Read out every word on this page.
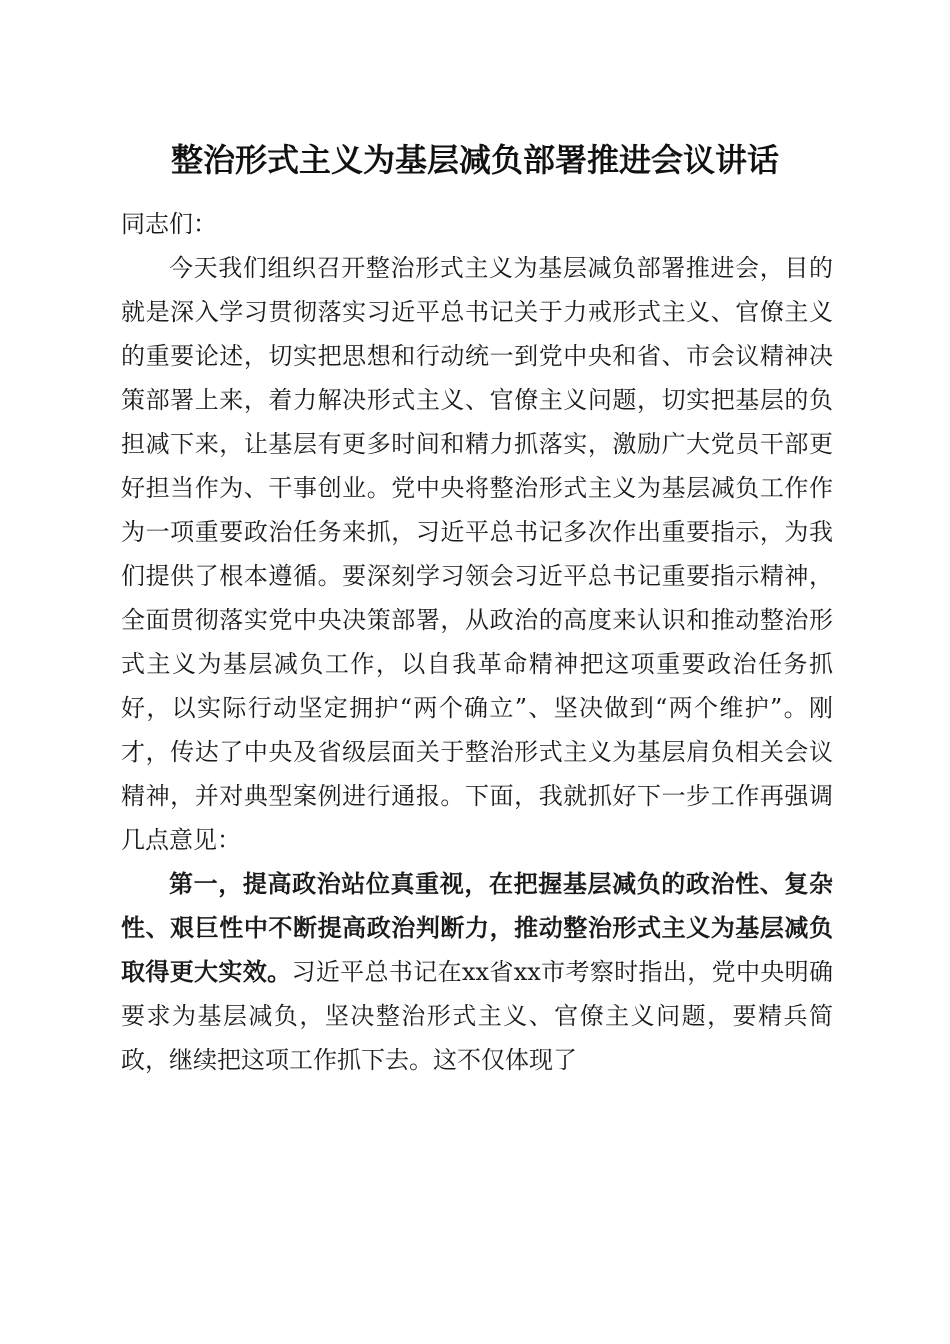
整治形式主义为基层减负部署推进会议讲话

同志们：

今天我们组织召开整治形式主义为基层减负部署推进会，目的就是深入学习贯彻落实习近平总书记关于力戒形式主义、官僚主义的重要论述，切实把思想和行动统一到党中央和省、市会议精神决策部署上来，着力解决形式主义、官僚主义问题，切实把基层的负担减下来，让基层有更多时间和精力抓落实，激励广大党员干部更好担当作为、干事创业。党中央将整治形式主义为基层减负工作作为一项重要政治任务来抓，习近平总书记多次作出重要指示，为我们提供了根本遵循。要深刻学习领会习近平总书记重要指示精神，全面贯彻落实党中央决策部署，从政治的高度来认识和推动整治形式主义为基层减负工作，以自我革命精神把这项重要政治任务抓好，以实际行动坚定拥护“两个确立”、坚决做到“两个维护”。刚才，传达了中央及省级层面关于整治形式主义为基层肩负相关会议精神，并对典型案例进行通报。下面，我就抓好下一步工作再强调几点意见：

第一，提高政治站位真重视，在把握基层减负的政治性、复杂性、艰巨性中不断提高政治判断力，推动整治形式主义为基层减负取得更大实效。习近平总书记在xx省xx市考察时指出，党中央明确要求为基层减负，坚决整治形式主义、官僚主义问题，要精兵简政，继续把这项工作抓下去。这不仅体现了
